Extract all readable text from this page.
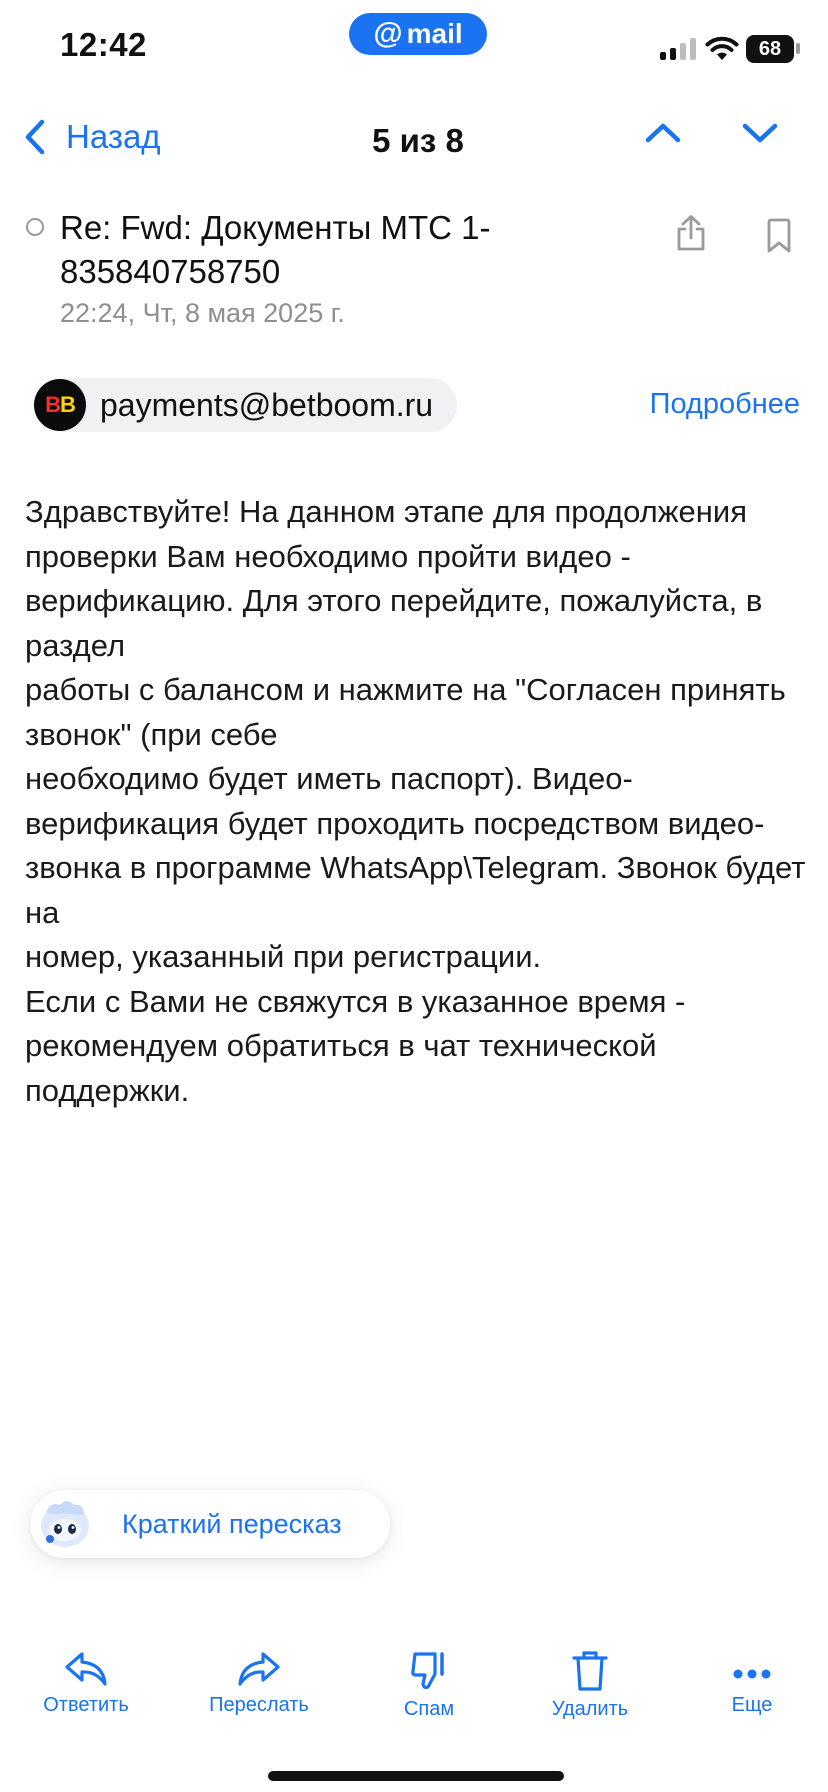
12:42	@ mail	68
Назад	5 из 8
Re: Fwd: Документы МТС 1-835840758750
22:24, Чт, 8 мая 2025 г.
B B payments@betboom.ru	Подробнее
Здравствуйте! На данном этапе для продолжения проверки Вам необходимо пройти видео - верификацию. Для этого перейдите, пожалуйста, в раздел
работы с балансом и нажмите на "Согласен принять звонок" (при себе
необходимо будет иметь паспорт). Видео-верификация будет проходить посредством видео-звонка в программе WhatsApp\Telegram. Звонок будет на
номер, указанный при регистрации.
Если с Вами не свяжутся в указанное время - рекомендуем обратиться в чат технической поддержки.
Краткий пересказ
Ответить	Переслать	Спам	Удалить	Еще
